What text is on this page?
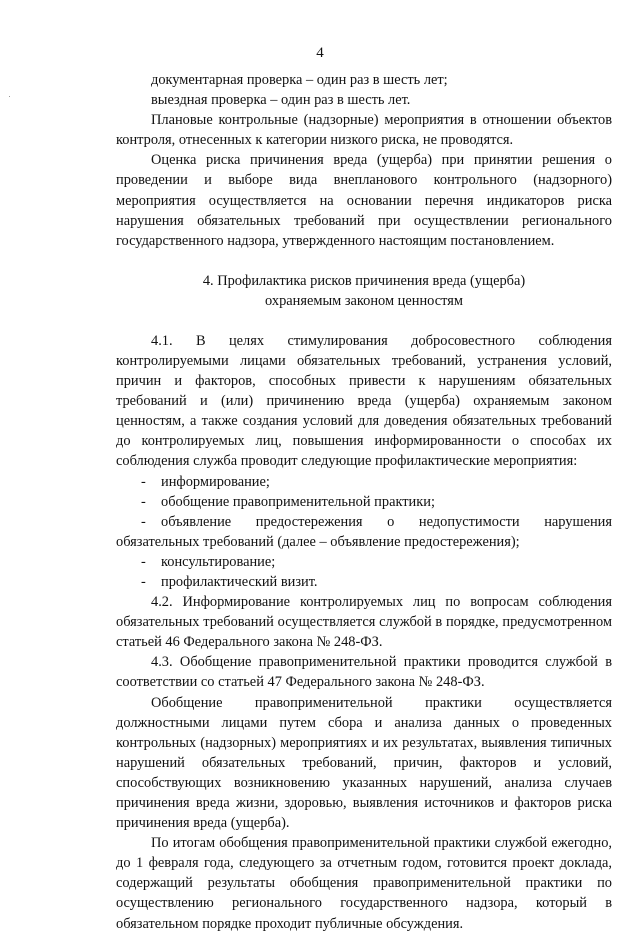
4

документарная проверка – один раз в шесть лет;

выездная проверка – один раз в шесть лет.

Плановые контрольные (надзорные) мероприятия в отношении объектов контроля, отнесенных к категории низкого риска, не проводятся.

Оценка риска причинения вреда (ущерба) при принятии решения о проведении и выборе вида внепланового контрольного (надзорного) мероприятия осуществляется на основании перечня индикаторов риска нарушения обязательных требований при осуществлении регионального государственного надзора, утвержденного настоящим постановлением.

4. Профилактика рисков причинения вреда (ущерба)
охраняемым законом ценностям

4.1. В целях стимулирования добросовестного соблюдения контролируемыми лицами обязательных требований, устранения условий, причин и факторов, способных привести к нарушениям обязательных требований и (или) причинению вреда (ущерба) охраняемым законом ценностям, а также создания условий для доведения обязательных требований до контролируемых лиц, повышения информированности о способах их соблюдения служба проводит следующие профилактические мероприятия:

- информирование;

- обобщение правоприменительной практики;

- объявление предостережения о недопустимости нарушения обязательных требований (далее – объявление предостережения);

- консультирование;

- профилактический визит.

4.2. Информирование контролируемых лиц по вопросам соблюдения обязательных требований осуществляется службой в порядке, предусмотренном статьей 46 Федерального закона № 248-ФЗ.

4.3. Обобщение правоприменительной практики проводится службой в соответствии со статьей 47 Федерального закона № 248-ФЗ.

Обобщение правоприменительной практики осуществляется должностными лицами путем сбора и анализа данных о проведенных контрольных (надзорных) мероприятиях и их результатах, выявления типичных нарушений обязательных требований, причин, факторов и условий, способствующих возникновению указанных нарушений, анализа случаев причинения вреда жизни, здоровью, выявления источников и факторов риска причинения вреда (ущерба).

По итогам обобщения правоприменительной практики службой ежегодно, до 1 февраля года, следующего за отчетным годом, готовится проект доклада, содержащий результаты обобщения правоприменительной практики по осуществлению регионального государственного надзора, который в обязательном порядке проходит публичные обсуждения.
